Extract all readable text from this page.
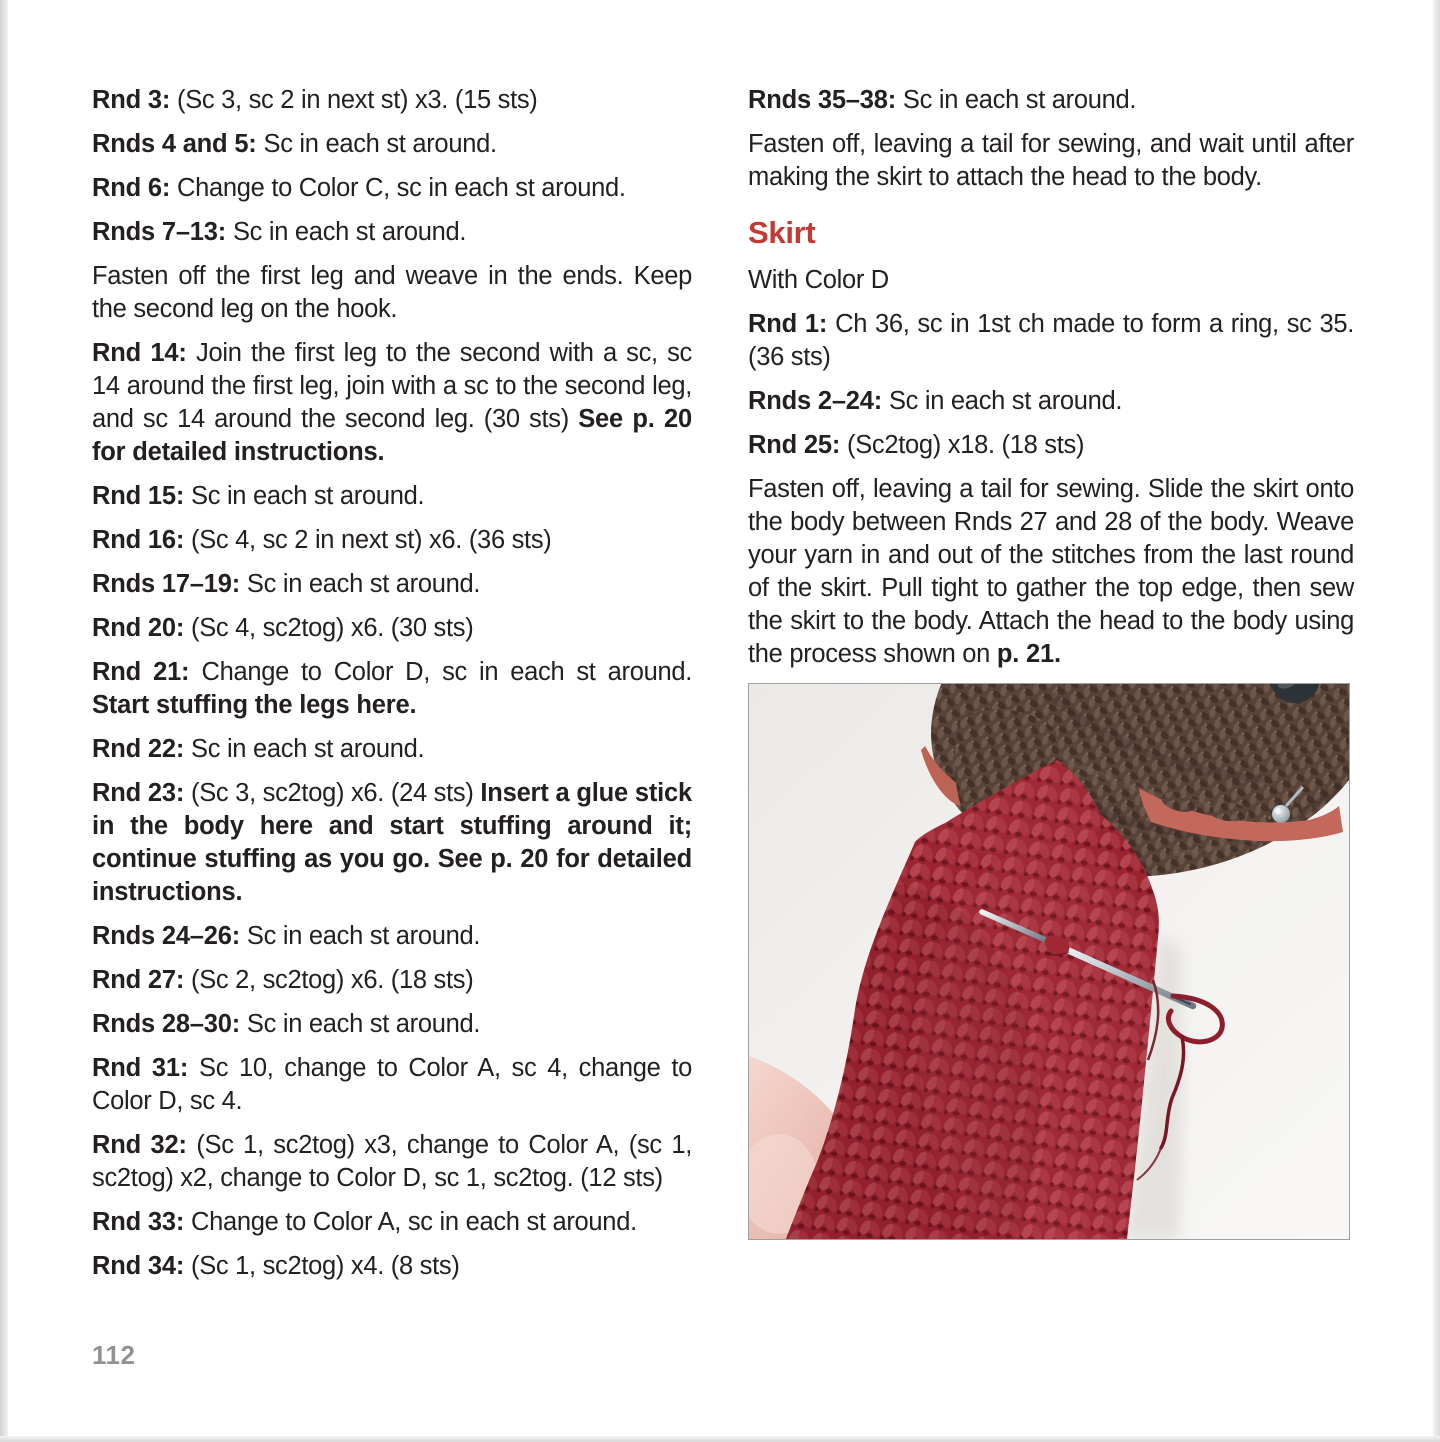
Rnd 3: (Sc 3, sc 2 in next st) x3. (15 sts)

Rnds 4 and 5: Sc in each st around.

Rnd 6: Change to Color C, sc in each st around.

Rnds 7–13: Sc in each st around.

Fasten off the first leg and weave in the ends. Keep the second leg on the hook.

Rnd 14: Join the first leg to the second with a sc, sc 14 around the first leg, join with a sc to the second leg, and sc 14 around the second leg. (30 sts) See p. 20 for detailed instructions.

Rnd 15: Sc in each st around.

Rnd 16: (Sc 4, sc 2 in next st) x6. (36 sts)

Rnds 17–19: Sc in each st around.

Rnd 20: (Sc 4, sc2tog) x6. (30 sts)

Rnd 21: Change to Color D, sc in each st around. Start stuffing the legs here.

Rnd 22: Sc in each st around.

Rnd 23: (Sc 3, sc2tog) x6. (24 sts) Insert a glue stick in the body here and start stuffing around it; continue stuffing as you go. See p. 20 for detailed instructions.

Rnds 24–26: Sc in each st around.

Rnd 27: (Sc 2, sc2tog) x6. (18 sts)

Rnds 28–30: Sc in each st around.

Rnd 31: Sc 10, change to Color A, sc 4, change to Color D, sc 4.

Rnd 32: (Sc 1, sc2tog) x3, change to Color A, (sc 1, sc2tog) x2, change to Color D, sc 1, sc2tog. (12 sts)

Rnd 33: Change to Color A, sc in each st around.

Rnd 34: (Sc 1, sc2tog) x4. (8 sts)

Rnds 35–38: Sc in each st around.

Fasten off, leaving a tail for sewing, and wait until after making the skirt to attach the head to the body.

Skirt

With Color D

Rnd 1: Ch 36, sc in 1st ch made to form a ring, sc 35. (36 sts)

Rnds 2–24: Sc in each st around.

Rnd 25: (Sc2tog) x18. (18 sts)

Fasten off, leaving a tail for sewing. Slide the skirt onto the body between Rnds 27 and 28 of the body. Weave your yarn in and out of the stitches from the last round of the skirt. Pull tight to gather the top edge, then sew the skirt to the body. Attach the head to the body using the process shown on p. 21.

112
